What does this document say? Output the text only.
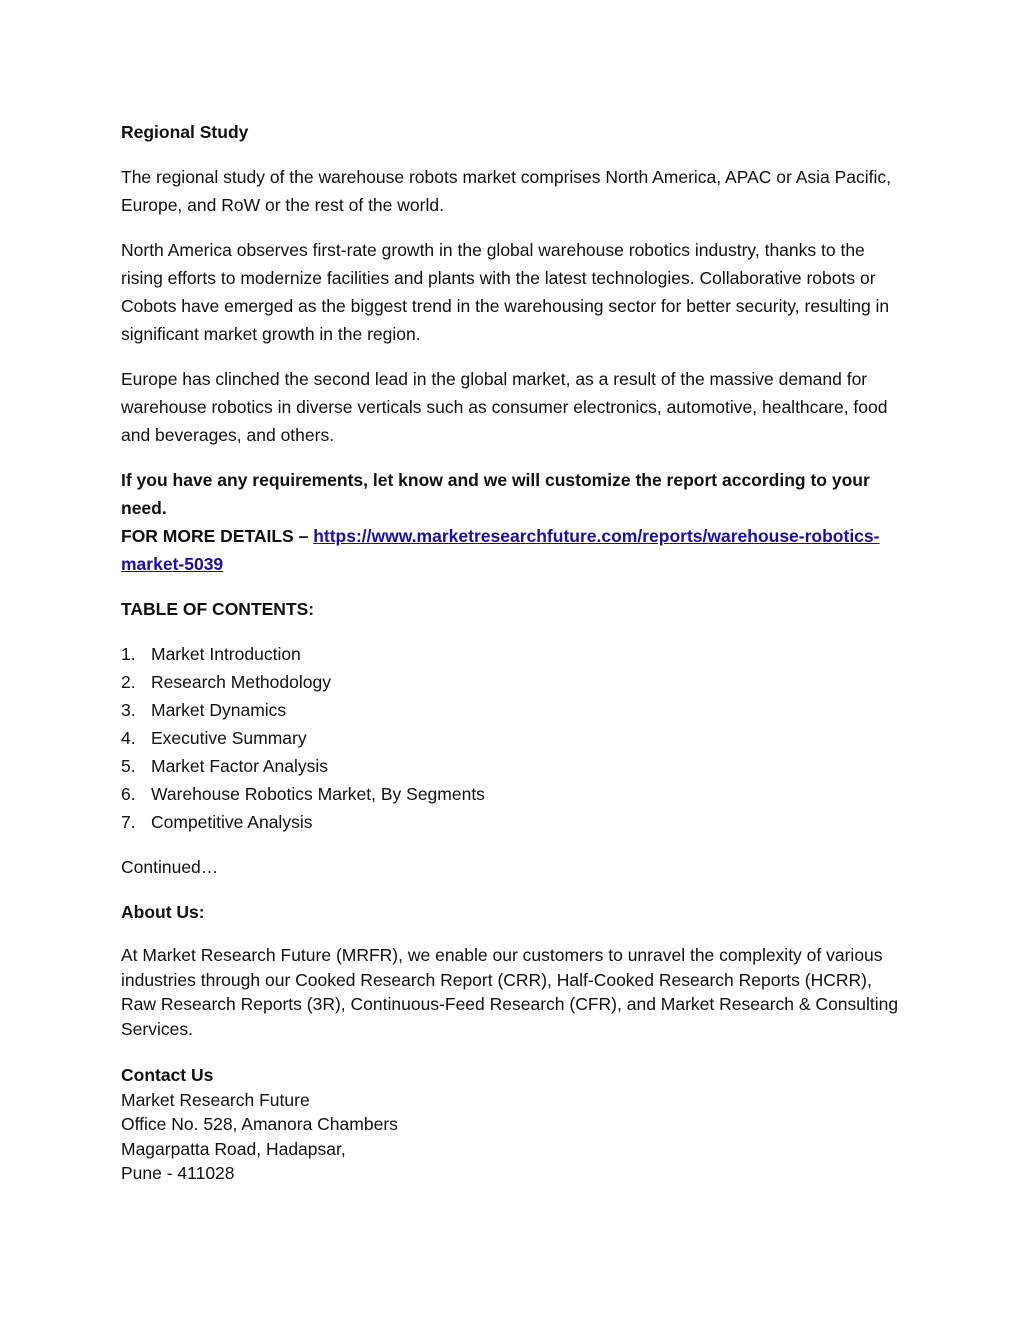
Regional Study

The regional study of the warehouse robots market comprises North America, APAC or Asia Pacific, Europe, and RoW or the rest of the world.

North America observes first-rate growth in the global warehouse robotics industry, thanks to the rising efforts to modernize facilities and plants with the latest technologies. Collaborative robots or Cobots have emerged as the biggest trend in the warehousing sector for better security, resulting in significant market growth in the region.

Europe has clinched the second lead in the global market, as a result of the massive demand for warehouse robotics in diverse verticals such as consumer electronics, automotive, healthcare, food and beverages, and others.

If you have any requirements, let know and we will customize the report according to your need.

FOR MORE DETAILS – https://www.marketresearchfuture.com/reports/warehouse-robotics-market-5039

TABLE OF CONTENTS:
1. Market Introduction
2. Research Methodology
3. Market Dynamics
4. Executive Summary
5. Market Factor Analysis
6. Warehouse Robotics Market, By Segments
7. Competitive Analysis

Continued…

About Us:

At Market Research Future (MRFR), we enable our customers to unravel the complexity of various industries through our Cooked Research Report (CRR), Half-Cooked Research Reports (HCRR), Raw Research Reports (3R), Continuous-Feed Research (CFR), and Market Research & Consulting Services.

Contact Us
Market Research Future
Office No. 528, Amanora Chambers
Magarpatta Road, Hadapsar,
Pune - 411028
